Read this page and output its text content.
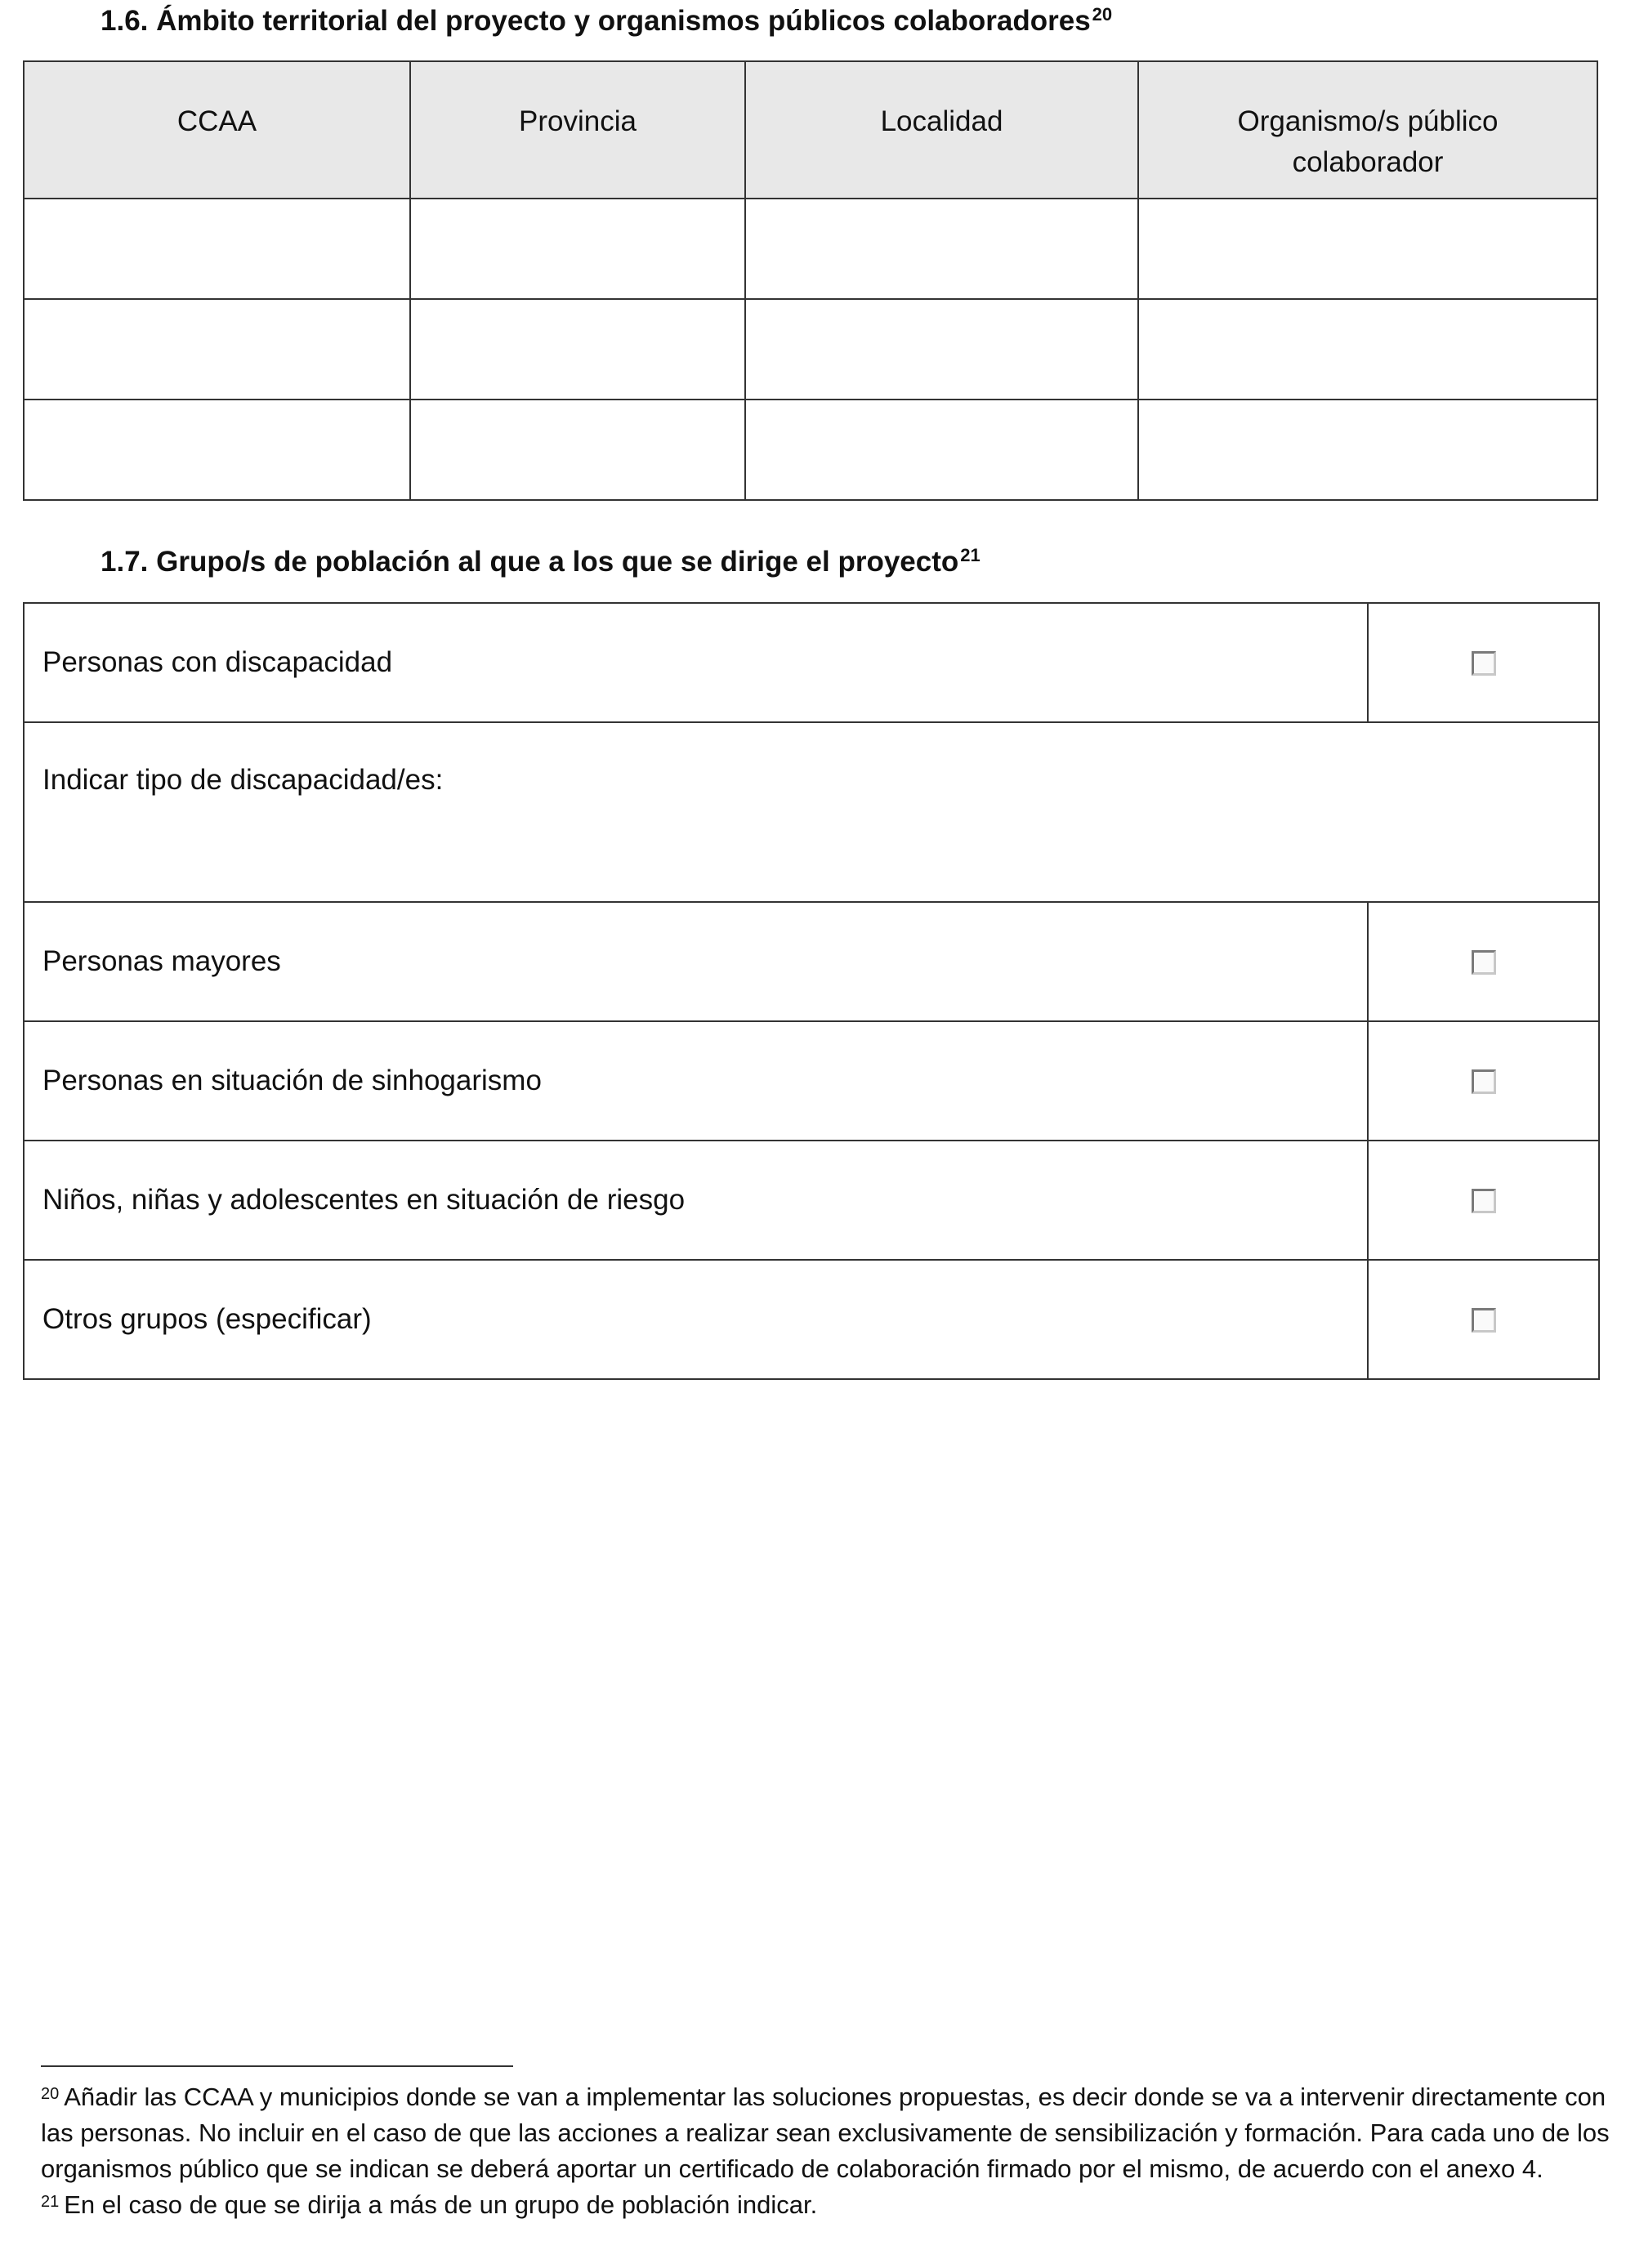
1.6. Ámbito territorial del proyecto y organismos públicos colaboradores$^{20}$
CCAA	Provincia	Localidad	Organismo/s público colaborador

1.7. Grupo/s de población al que a los que se dirige el proyecto$^{21}$
Personas con discapacidad	
Indicar tipo de discapacidad/es:	
Personas mayores	
Personas en situación de sinhogarismo	
Niños, niñas y adolescentes en situación de riesgo	
Otros grupos (especificar)	

$^{20}$ Añadir las CCAA y municipios donde se van a implementar las soluciones propuestas, es decir donde se va a intervenir directamente con las personas. No incluir en el caso de que las acciones a realizar sean exclusivamente de sensibilización y formación. Para cada uno de los organismos público que se indican se deberá aportar un certificado de colaboración firmado por el mismo, de acuerdo con el anexo 4.

$^{21}$ En el caso de que se dirija a más de un grupo de población indicar.
